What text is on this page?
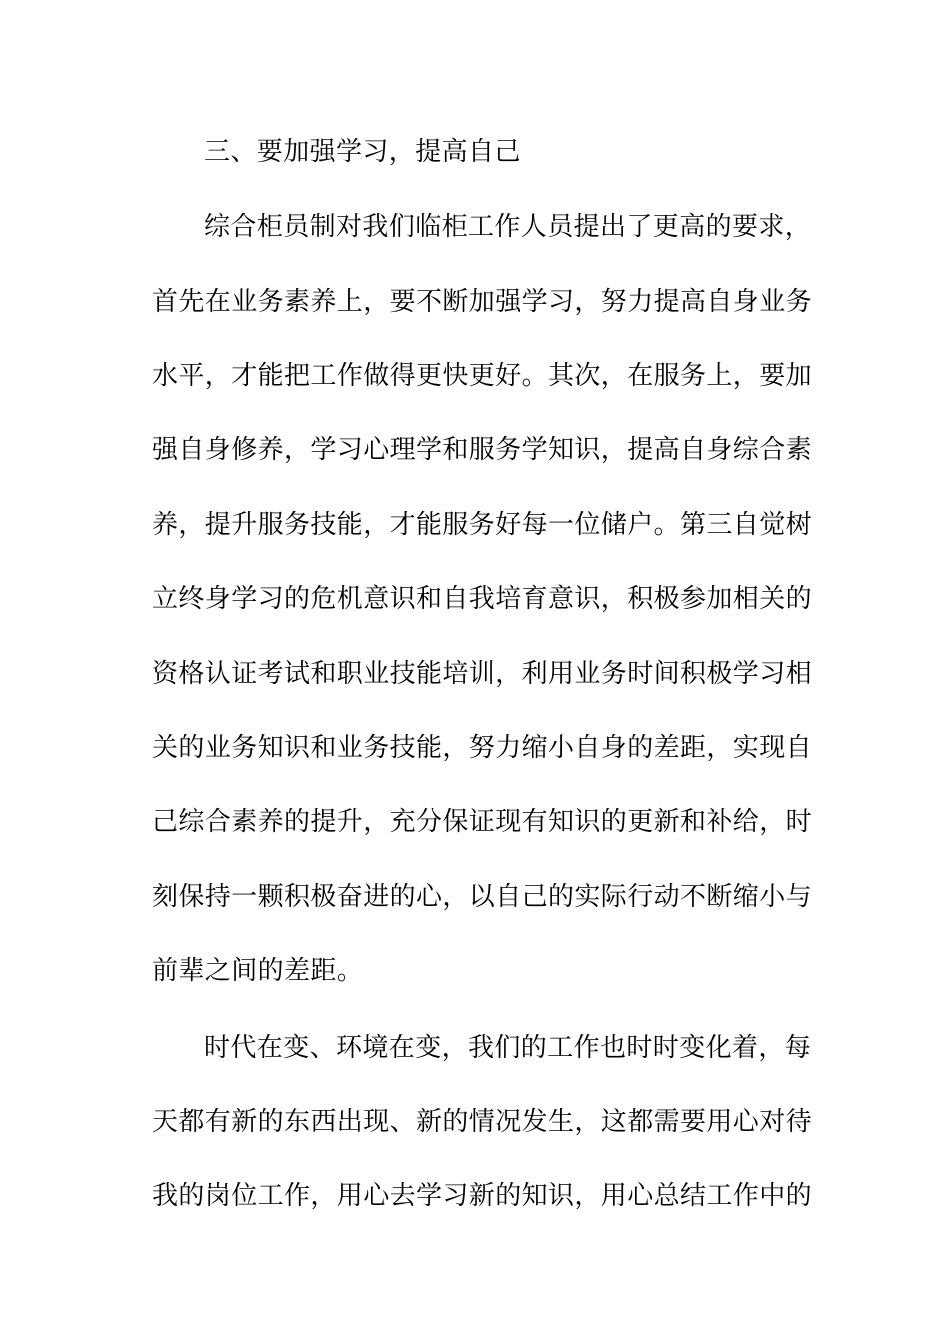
三、要加强学习，提高自己
综合柜员制对我们临柜工作人员提出了更高的要求，
首先在业务素养上，要不断加强学习，努力提高自身业务
水平，才能把工作做得更快更好。其次，在服务上，要加
强自身修养，学习心理学和服务学知识，提高自身综合素
养，提升服务技能，才能服务好每一位储户。第三自觉树
立终身学习的危机意识和自我培育意识，积极参加相关的
资格认证考试和职业技能培训，利用业务时间积极学习相
关的业务知识和业务技能，努力缩小自身的差距，实现自
己综合素养的提升，充分保证现有知识的更新和补给，时
刻保持一颗积极奋进的心，以自己的实际行动不断缩小与
前辈之间的差距。
时代在变、环境在变，我们的工作也时时变化着，每
天都有新的东西出现、新的情况发生，这都需要用心对待
我的岗位工作，用心去学习新的知识，用心总结工作中的
